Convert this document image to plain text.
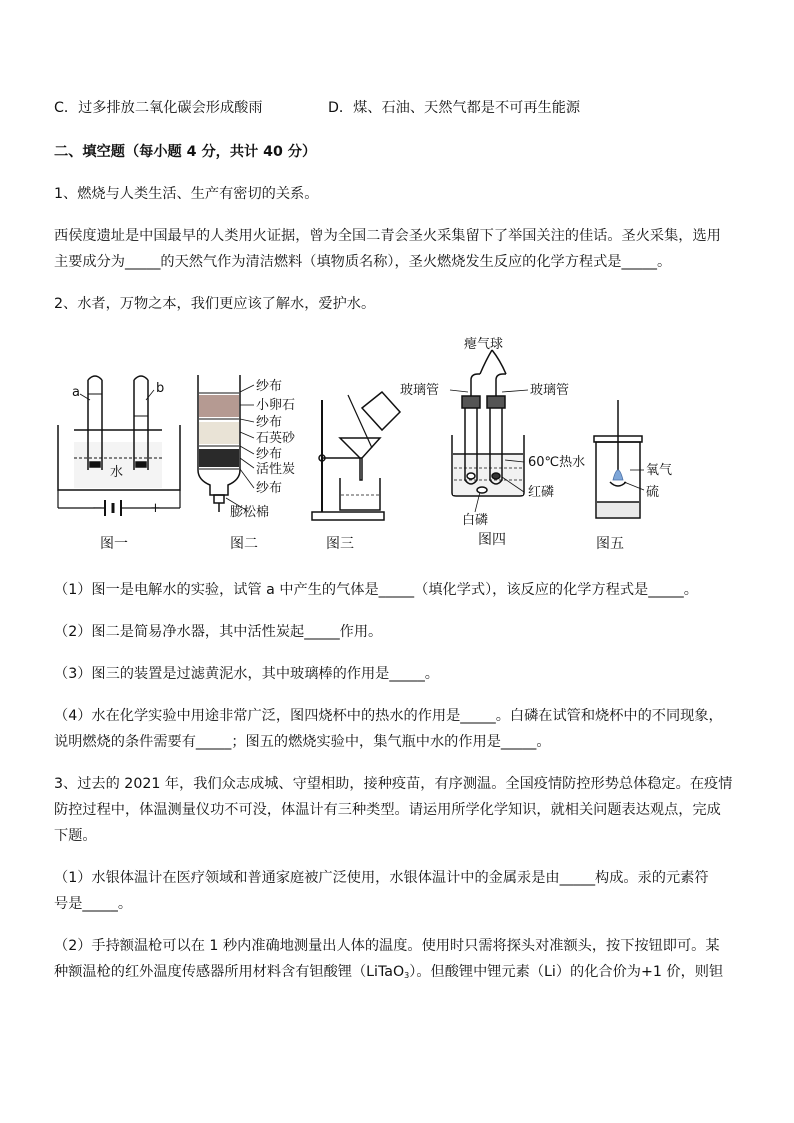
C．过多排放二氧化碳会形成酸雨	D．煤、石油、天然气都是不可再生能源
二、填空题（每小题 4 分，共计 40 分）
1、燃烧与人类生活、生产有密切的关系。
西侯度遗址是中国最早的人类用火证据，曾为全国二青会圣火采集留下了举国关注的佳话。圣火采集，选用
主要成分为_____的天然气作为清洁燃料（填物质名称），圣火燃烧发生反应的化学方程式是_____。
2、水者，万物之本，我们更应该了解水，爱护水。
a	b
水
−	+
纱布
小卵石
纱布
石英砂
纱布
活性炭
纱布
膨松棉
瘪气球
玻璃管	玻璃管
60℃热水
红磷
白磷
氧气
硫
图一	图二	图三	图四	图五
（1）图一是电解水的实验，试管 a 中产生的气体是_____（填化学式），该反应的化学方程式是_____。
（2）图二是简易净水器，其中活性炭起_____作用。
（3）图三的装置是过滤黄泥水，其中玻璃棒的作用是_____。
（4）水在化学实验中用途非常广泛，图四烧杯中的热水的作用是_____。白磷在试管和烧杯中的不同现象，
说明燃烧的条件需要有_____；图五的燃烧实验中，集气瓶中水的作用是_____。
3、过去的 2021 年，我们众志成城、守望相助，接种疫苗，有序测温。全国疫情防控形势总体稳定。在疫情
防控过程中，体温测量仪功不可没，体温计有三种类型。请运用所学化学知识，就相关问题表达观点，完成
下题。
（1）水银体温计在医疗领域和普通家庭被广泛使用，水银体温计中的金属汞是由_____构成。汞的元素符
号是_____。
（2）手持额温枪可以在 1 秒内准确地测量出人体的温度。使用时只需将探头对准额头，按下按钮即可。某
种额温枪的红外温度传感器所用材料含有钽酸锂（LiTaO$_3$）。但酸锂中锂元素（Li）的化合价为+1 价，则钽
